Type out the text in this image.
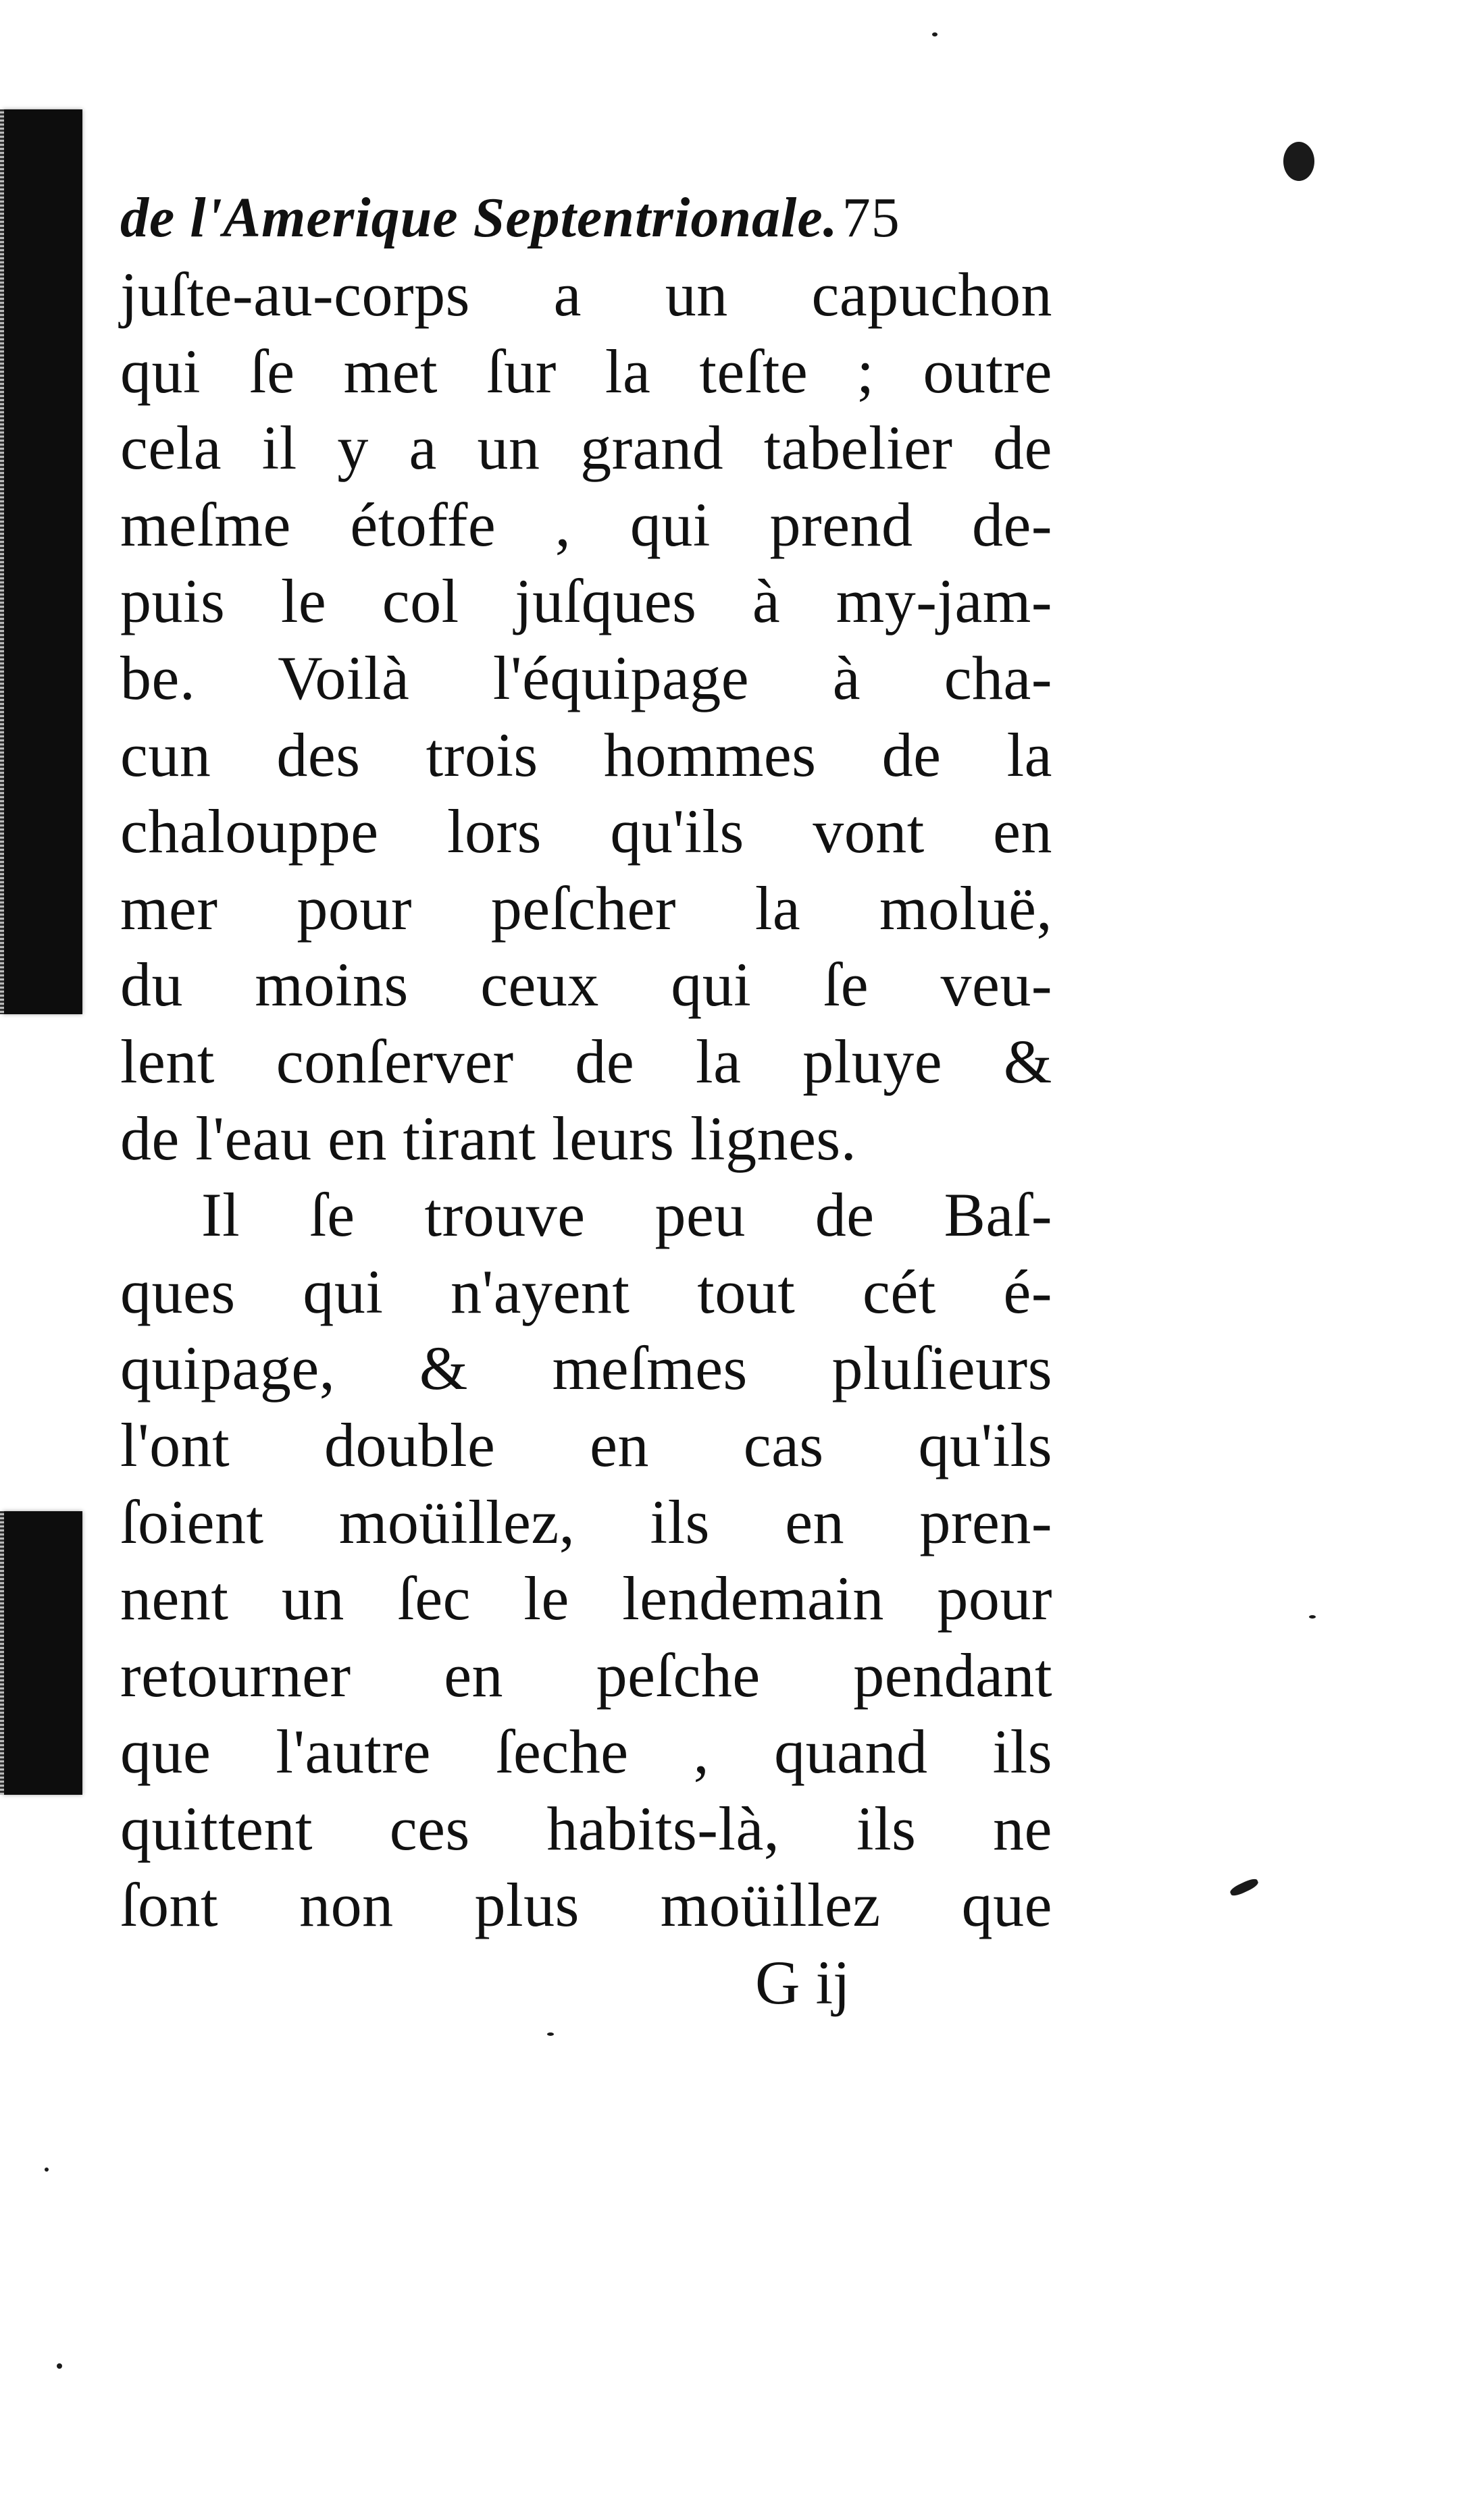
de l'Amerique Septentrionale.75
juſte-au-corps a un capuchon
qui ſe met ſur la teſte ; outre
cela il y a un grand tabelier de
meſme étoffe , qui prend de-
puis le col juſques à my-jam-
be. Voilà l'équipage à cha-
cun des trois hommes de la
chalouppe lors qu'ils vont en
mer pour peſcher la moluë,
du moins ceux qui ſe veu-
lent conſerver de la pluye &
de l'eau en tirant leurs lignes.
Il ſe trouve peu de Baſ-
ques qui n'ayent tout cét é-
quipage, & meſmes pluſieurs
l'ont double en cas qu'ils
ſoient moüillez, ils en pren-
nent un ſec le lendemain pour
retourner en peſche pendant
que l'autre ſeche , quand ils
quittent ces habits-là, ils ne
ſont non plus moüillez que
G ij
